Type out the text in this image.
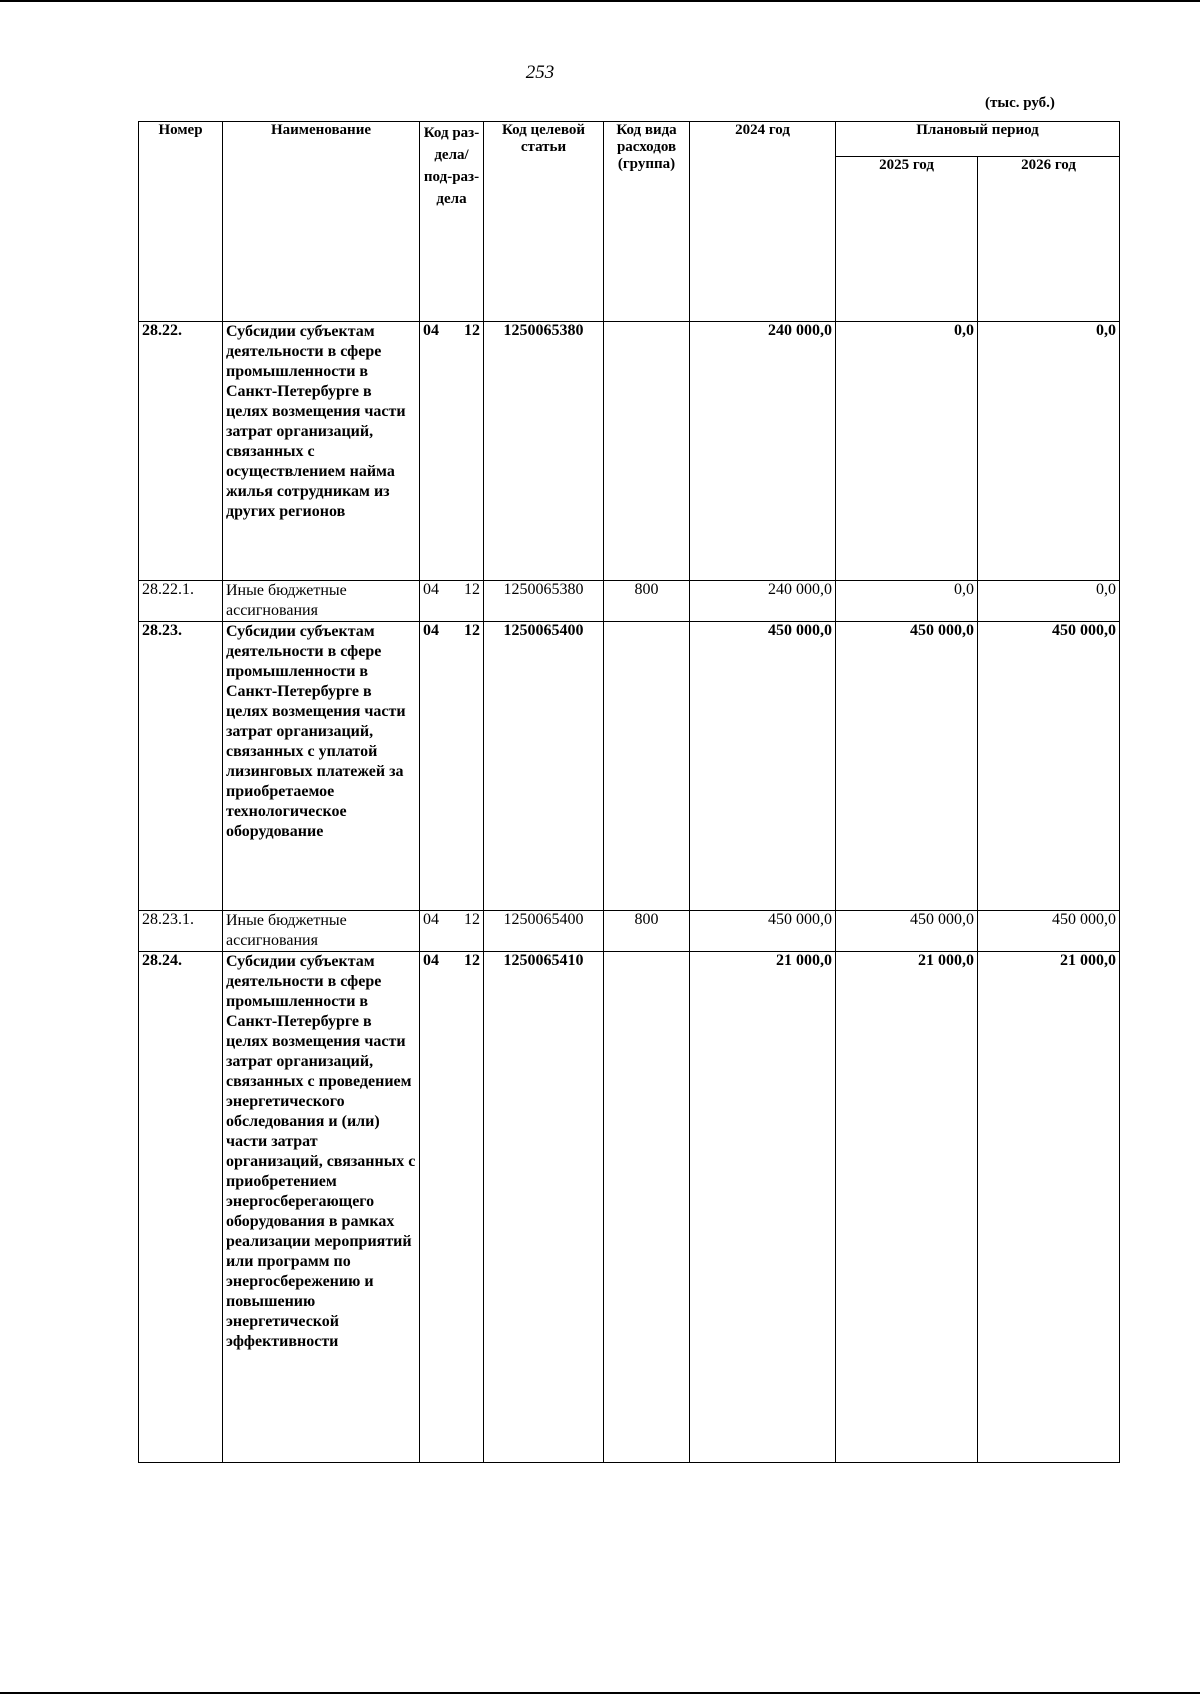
253
(тыс. руб.)
Номер	Наименование	Код раз-дела/ под-раз-дела	Код целевой статьи	Код вида расходов (группа)	2024 год	Плановый период	
						2025 год	2026 год
28.22.	Субсидии субъектам деятельности в сфере промышленности в Санкт-Петербурге в целях возмещения части затрат организаций, связанных с осуществлением найма жилья сотрудникам из других регионов	04 12	1250065380		240 000,0	0,0	0,0
28.22.1.	Иные бюджетные ассигнования	04 12	1250065380	800	240 000,0	0,0	0,0
28.23.	Субсидии субъектам деятельности в сфере промышленности в Санкт-Петербурге в целях возмещения части затрат организаций, связанных с уплатой лизинговых платежей за приобретаемое технологическое оборудование	04 12	1250065400		450 000,0	450 000,0	450 000,0
28.23.1.	Иные бюджетные ассигнования	04 12	1250065400	800	450 000,0	450 000,0	450 000,0
28.24.	Субсидии субъектам деятельности в сфере промышленности в Санкт-Петербурге в целях возмещения части затрат организаций, связанных с проведением энергетического обследования и (или) части затрат организаций, связанных с приобретением энергосберегающего оборудования в рамках реализации мероприятий или программ по энергосбережению и повышению энергетической эффективности	04 12	1250065410		21 000,0	21 000,0	21 000,0
